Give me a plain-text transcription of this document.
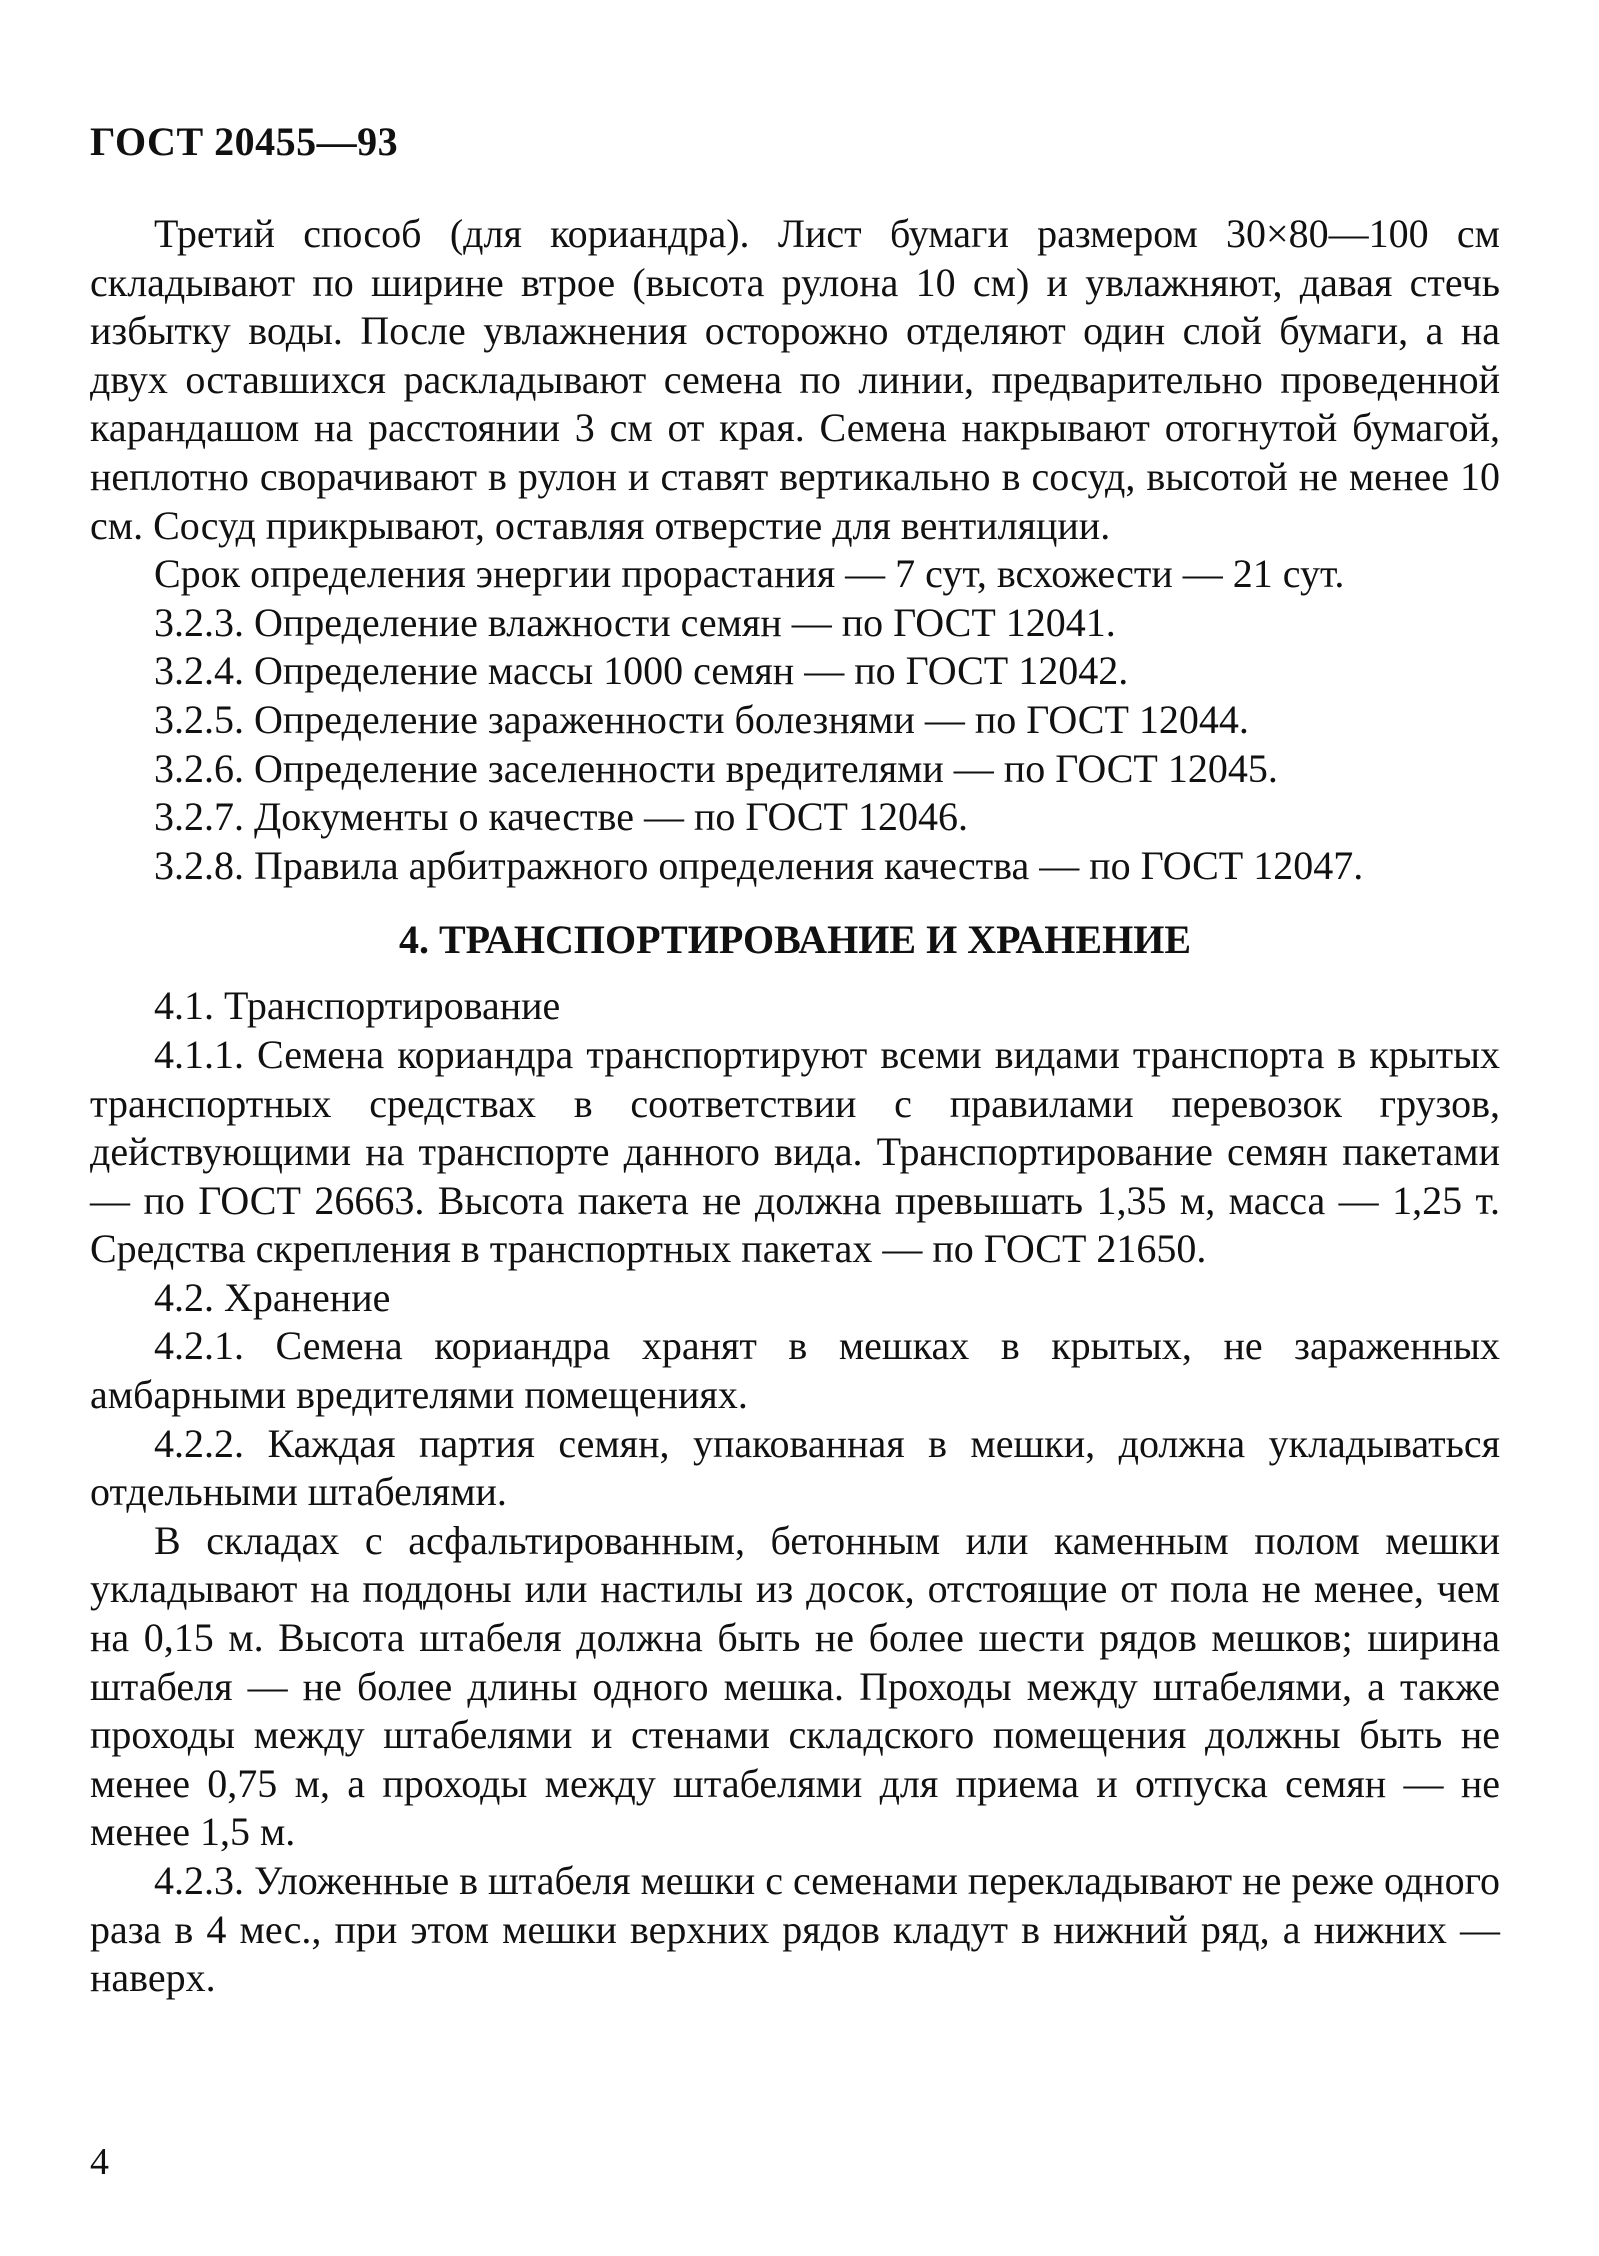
ГОСТ 20455—93

Третий способ (для кориандра). Лист бумаги размером 30×80—100 см складывают по ширине втрое (высота рулона 10 см) и увлажняют, давая стечь избытку воды. После увлажнения осторожно отделяют один слой бумаги, а на двух оставшихся раскладывают семена по линии, предварительно проведенной карандашом на расстоянии 3 см от края. Семена накрывают отогнутой бумагой, неплотно сворачивают в рулон и ставят вертикально в сосуд, высотой не менее 10 см. Сосуд прикрывают, оставляя отверстие для вентиляции.

Срок определения энергии прорастания — 7 сут, всхожести — 21 сут.

3.2.3. Определение влажности семян — по ГОСТ 12041.

3.2.4. Определение массы 1000 семян — по ГОСТ 12042.

3.2.5. Определение зараженности болезнями — по ГОСТ 12044.

3.2.6. Определение заселенности вредителями — по ГОСТ 12045.

3.2.7. Документы о качестве — по ГОСТ 12046.

3.2.8. Правила арбитражного определения качества — по ГОСТ 12047.

4. ТРАНСПОРТИРОВАНИЕ И ХРАНЕНИЕ

4.1. Транспортирование

4.1.1. Семена кориандра транспортируют всеми видами транспорта в крытых транспортных средствах в соответствии с правилами перевозок грузов, действующими на транспорте данного вида. Транспортирование семян пакетами — по ГОСТ 26663. Высота пакета не должна превышать 1,35 м, масса — 1,25 т. Средства скрепления в транспортных пакетах — по ГОСТ 21650.

4.2. Хранение

4.2.1. Семена кориандра хранят в мешках в крытых, не зараженных амбарными вредителями помещениях.

4.2.2. Каждая партия семян, упакованная в мешки, должна укладываться отдельными штабелями.

В складах с асфальтированным, бетонным или каменным полом мешки укладывают на поддоны или настилы из досок, отстоящие от пола не менее, чем на 0,15 м. Высота штабеля должна быть не более шести рядов мешков; ширина штабеля — не более длины одного мешка. Проходы между штабелями, а также проходы между штабелями и стенами складского помещения должны быть не менее 0,75 м, а проходы между штабелями для приема и отпуска семян — не менее 1,5 м.

4.2.3. Уложенные в штабеля мешки с семенами перекладывают не реже одного раза в 4 мес., при этом мешки верхних рядов кладут в нижний ряд, а нижних — наверх.

4
